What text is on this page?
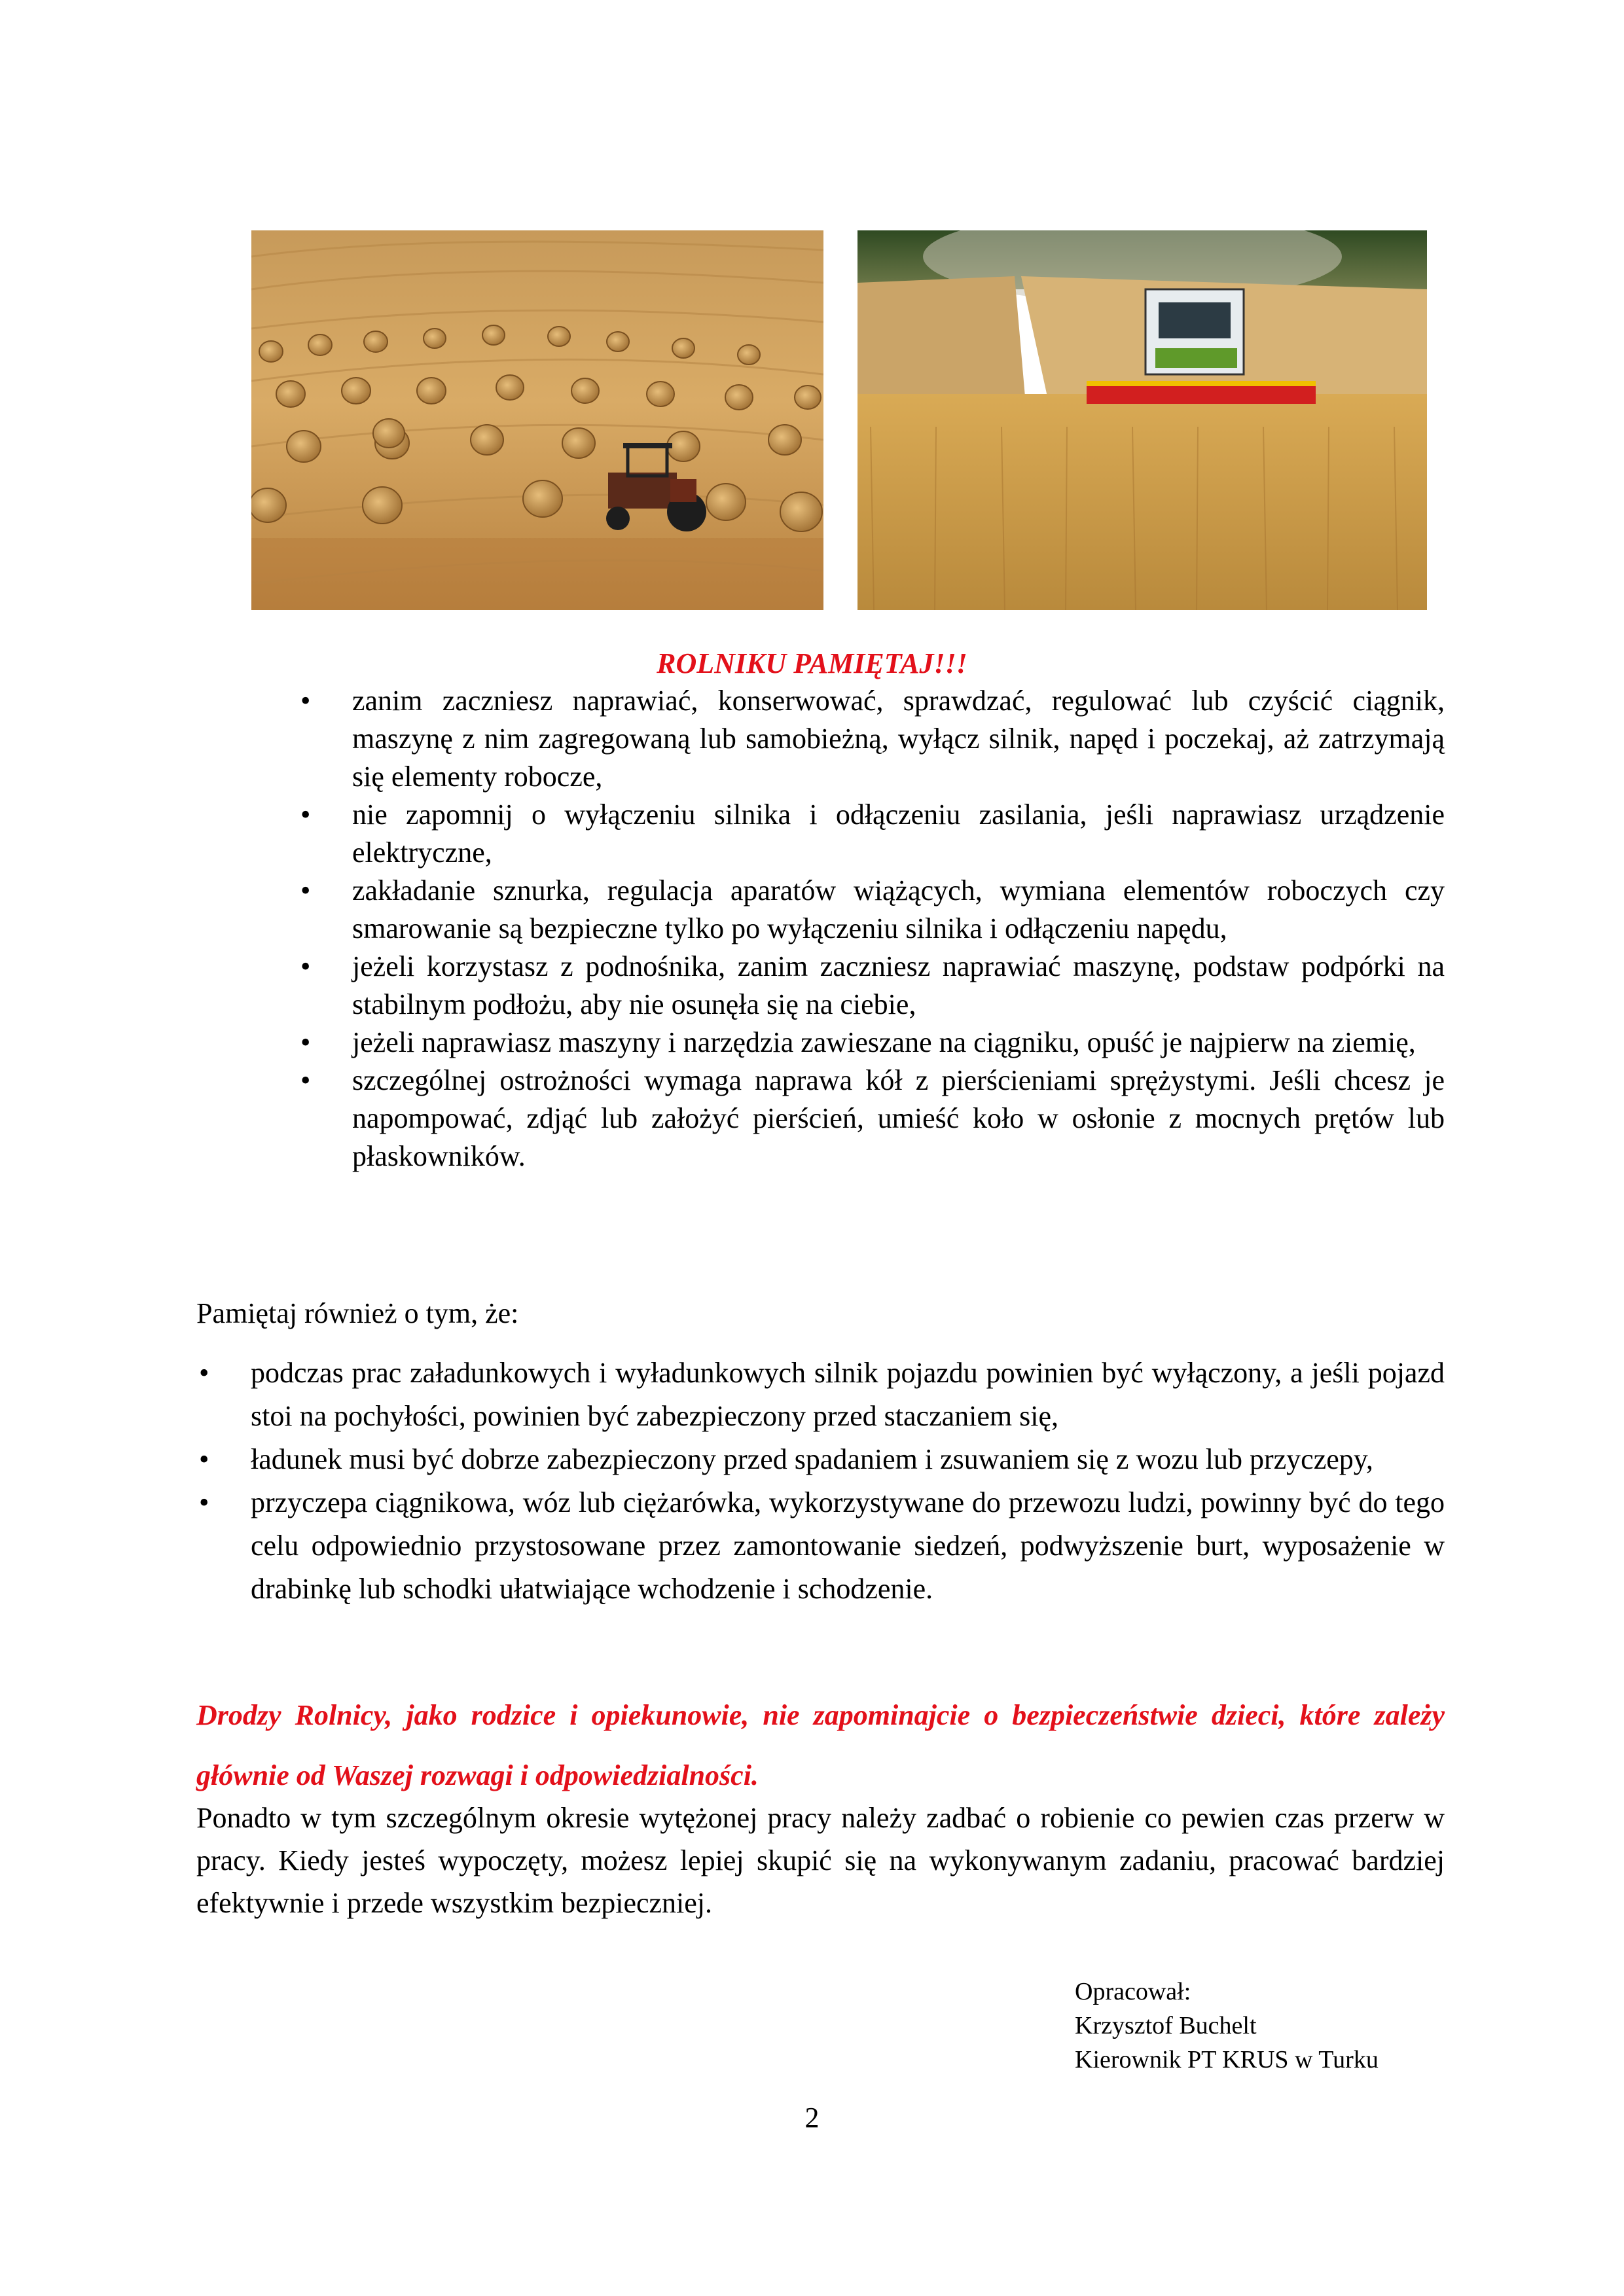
ROLNIKU PAMIĘTAJ!!!
• zanim zaczniesz naprawiać, konserwować, sprawdzać, regulować lub czyścić ciągnik, maszynę z nim zagregowaną lub samobieżną, wyłącz silnik, napęd i poczekaj, aż zatrzymają się elementy robocze,
• nie zapomnij o wyłączeniu silnika i odłączeniu zasilania, jeśli naprawiasz urządzenie elektryczne,
• zakładanie sznurka, regulacja aparatów wiążących, wymiana elementów roboczych czy smarowanie są bezpieczne tylko po wyłączeniu silnika i odłączeniu napędu,
• jeżeli korzystasz z podnośnika, zanim zaczniesz naprawiać maszynę, podstaw podpórki na stabilnym podłożu, aby nie osunęła się na ciebie,
• jeżeli naprawiasz maszyny i narzędzia zawieszane na ciągniku, opuść je najpierw na ziemię,
• szczególnej ostrożności wymaga naprawa kół z pierścieniami sprężystymi. Jeśli chcesz je napompować, zdjąć lub założyć pierścień, umieść koło w osłonie z mocnych prętów lub płaskowników.
Pamiętaj również o tym, że:
• podczas prac załadunkowych i wyładunkowych silnik pojazdu powinien być wyłączony, a jeśli pojazd stoi na pochyłości, powinien być zabezpieczony przed staczaniem się,
• ładunek musi być dobrze zabezpieczony przed spadaniem i zsuwaniem się z wozu lub przyczepy,
• przyczepa ciągnikowa, wóz lub ciężarówka, wykorzystywane do przewozu ludzi, powinny być do tego celu odpowiednio przystosowane przez zamontowanie siedzeń, podwyższenie burt, wyposażenie w drabinkę lub schodki ułatwiające wchodzenie i schodzenie.
Drodzy Rolnicy, jako rodzice i opiekunowie, nie zapominajcie o bezpieczeństwie dzieci, które zależy głównie od Waszej rozwagi i odpowiedzialności.
Ponadto w tym szczególnym okresie wytężonej pracy należy zadbać o robienie co pewien czas przerw w pracy. Kiedy jesteś wypoczęty, możesz lepiej skupić się na wykonywanym zadaniu, pracować bardziej efektywnie i przede wszystkim bezpieczniej.
Opracował:
Krzysztof Buchelt
Kierownik PT KRUS w Turku
2
